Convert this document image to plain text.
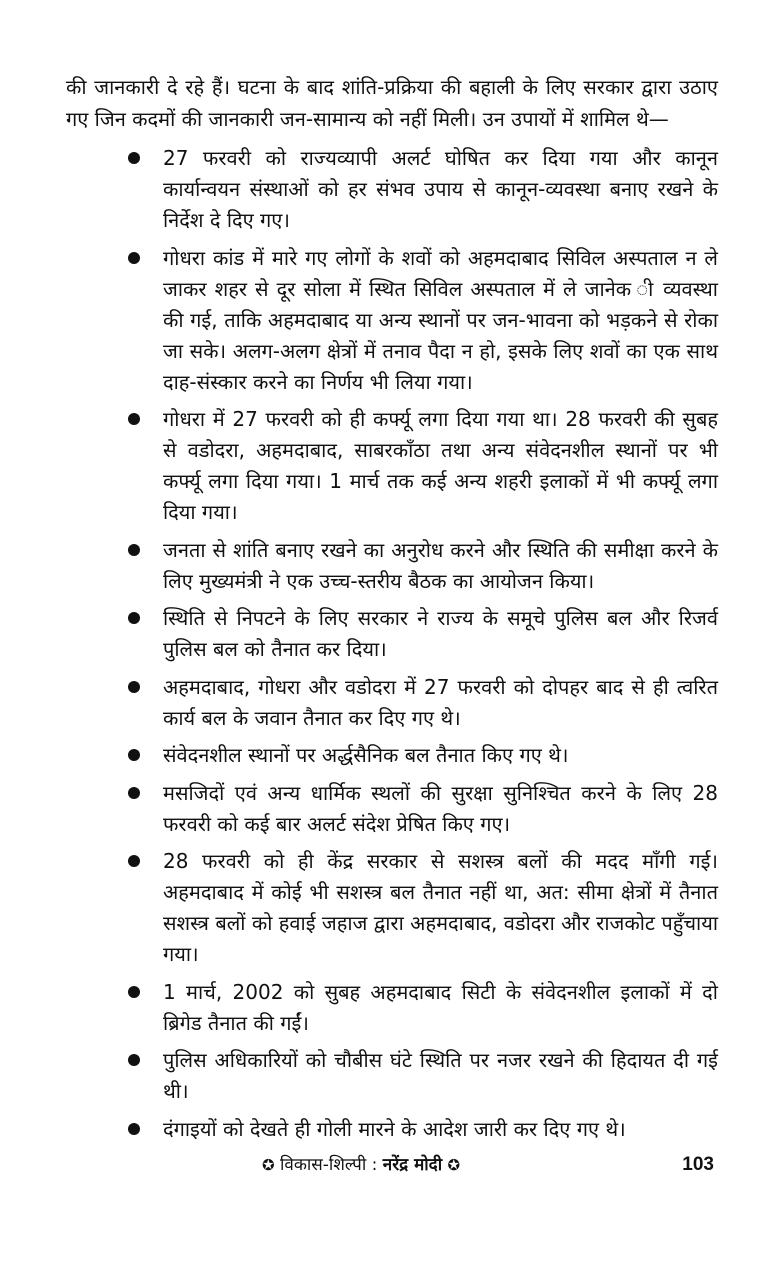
की जानकारी दे रहे हैं। घटना के बाद शांति-प्रक्रिया की बहाली के लिए सरकार द्वारा उठाए गए जिन कदमों की जानकारी जन-सामान्य को नहीं मिली। उन उपायों में शामिल थे—

27 फरवरी को राज्यव्यापी अलर्ट घोषित कर दिया गया और कानून कार्यान्वयन संस्थाओं को हर संभव उपाय से कानून-व्यवस्था बनाए रखने के निर्देश दे दिए गए।
गोधरा कांड में मारे गए लोगों के शवों को अहमदाबाद सिविल अस्पताल न ले जाकर शहर से दूर सोला में स्थित सिविल अस्पताल में ले जानेक ी व्यवस्था की गई, ताकि अहमदाबाद या अन्य स्थानों पर जन-भावना को भड़कने से रोका जा सके। अलग-अलग क्षेत्रों में तनाव पैदा न हो, इसके लिए शवों का एक साथ दाह-संस्कार करने का निर्णय भी लिया गया।
गोधरा में 27 फरवरी को ही कर्फ्यू लगा दिया गया था। 28 फरवरी की सुबह से वडोदरा, अहमदाबाद, साबरकाँठा तथा अन्य संवेदनशील स्थानों पर भी कर्फ्यू लगा दिया गया। 1 मार्च तक कई अन्य शहरी इलाकों में भी कर्फ्यू लगा दिया गया।
जनता से शांति बनाए रखने का अनुरोध करने और स्थिति की समीक्षा करने के लिए मुख्यमंत्री ने एक उच्च-स्तरीय बैठक का आयोजन किया।
स्थिति से निपटने के लिए सरकार ने राज्य के समूचे पुलिस बल और रिजर्व पुलिस बल को तैनात कर दिया।
अहमदाबाद, गोधरा और वडोदरा में 27 फरवरी को दोपहर बाद से ही त्वरित कार्य बल के जवान तैनात कर दिए गए थे।
संवेदनशील स्थानों पर अर्द्धसैनिक बल तैनात किए गए थे।
मसजिदों एवं अन्य धार्मिक स्थलों की सुरक्षा सुनिश्चित करने के लिए 28 फरवरी को कई बार अलर्ट संदेश प्रेषित किए गए।
28 फरवरी को ही केंद्र सरकार से सशस्त्र बलों की मदद माँगी गई। अहमदाबाद में कोई भी सशस्त्र बल तैनात नहीं था, अत: सीमा क्षेत्रों में तैनात सशस्त्र बलों को हवाई जहाज द्वारा अहमदाबाद, वडोदरा और राजकोट पहुँचाया गया।
1 मार्च, 2002 को सुबह अहमदाबाद सिटी के संवेदनशील इलाकों में दो ब्रिगेड तैनात की गईं।
पुलिस अधिकारियों को चौबीस घंटे स्थिति पर नजर रखने की हिदायत दी गई थी।
दंगाइयों को देखते ही गोली मारने के आदेश जारी कर दिए गए थे।
✪ विकास-शिल्पी : नरेंद्र मोदी ✪	103
